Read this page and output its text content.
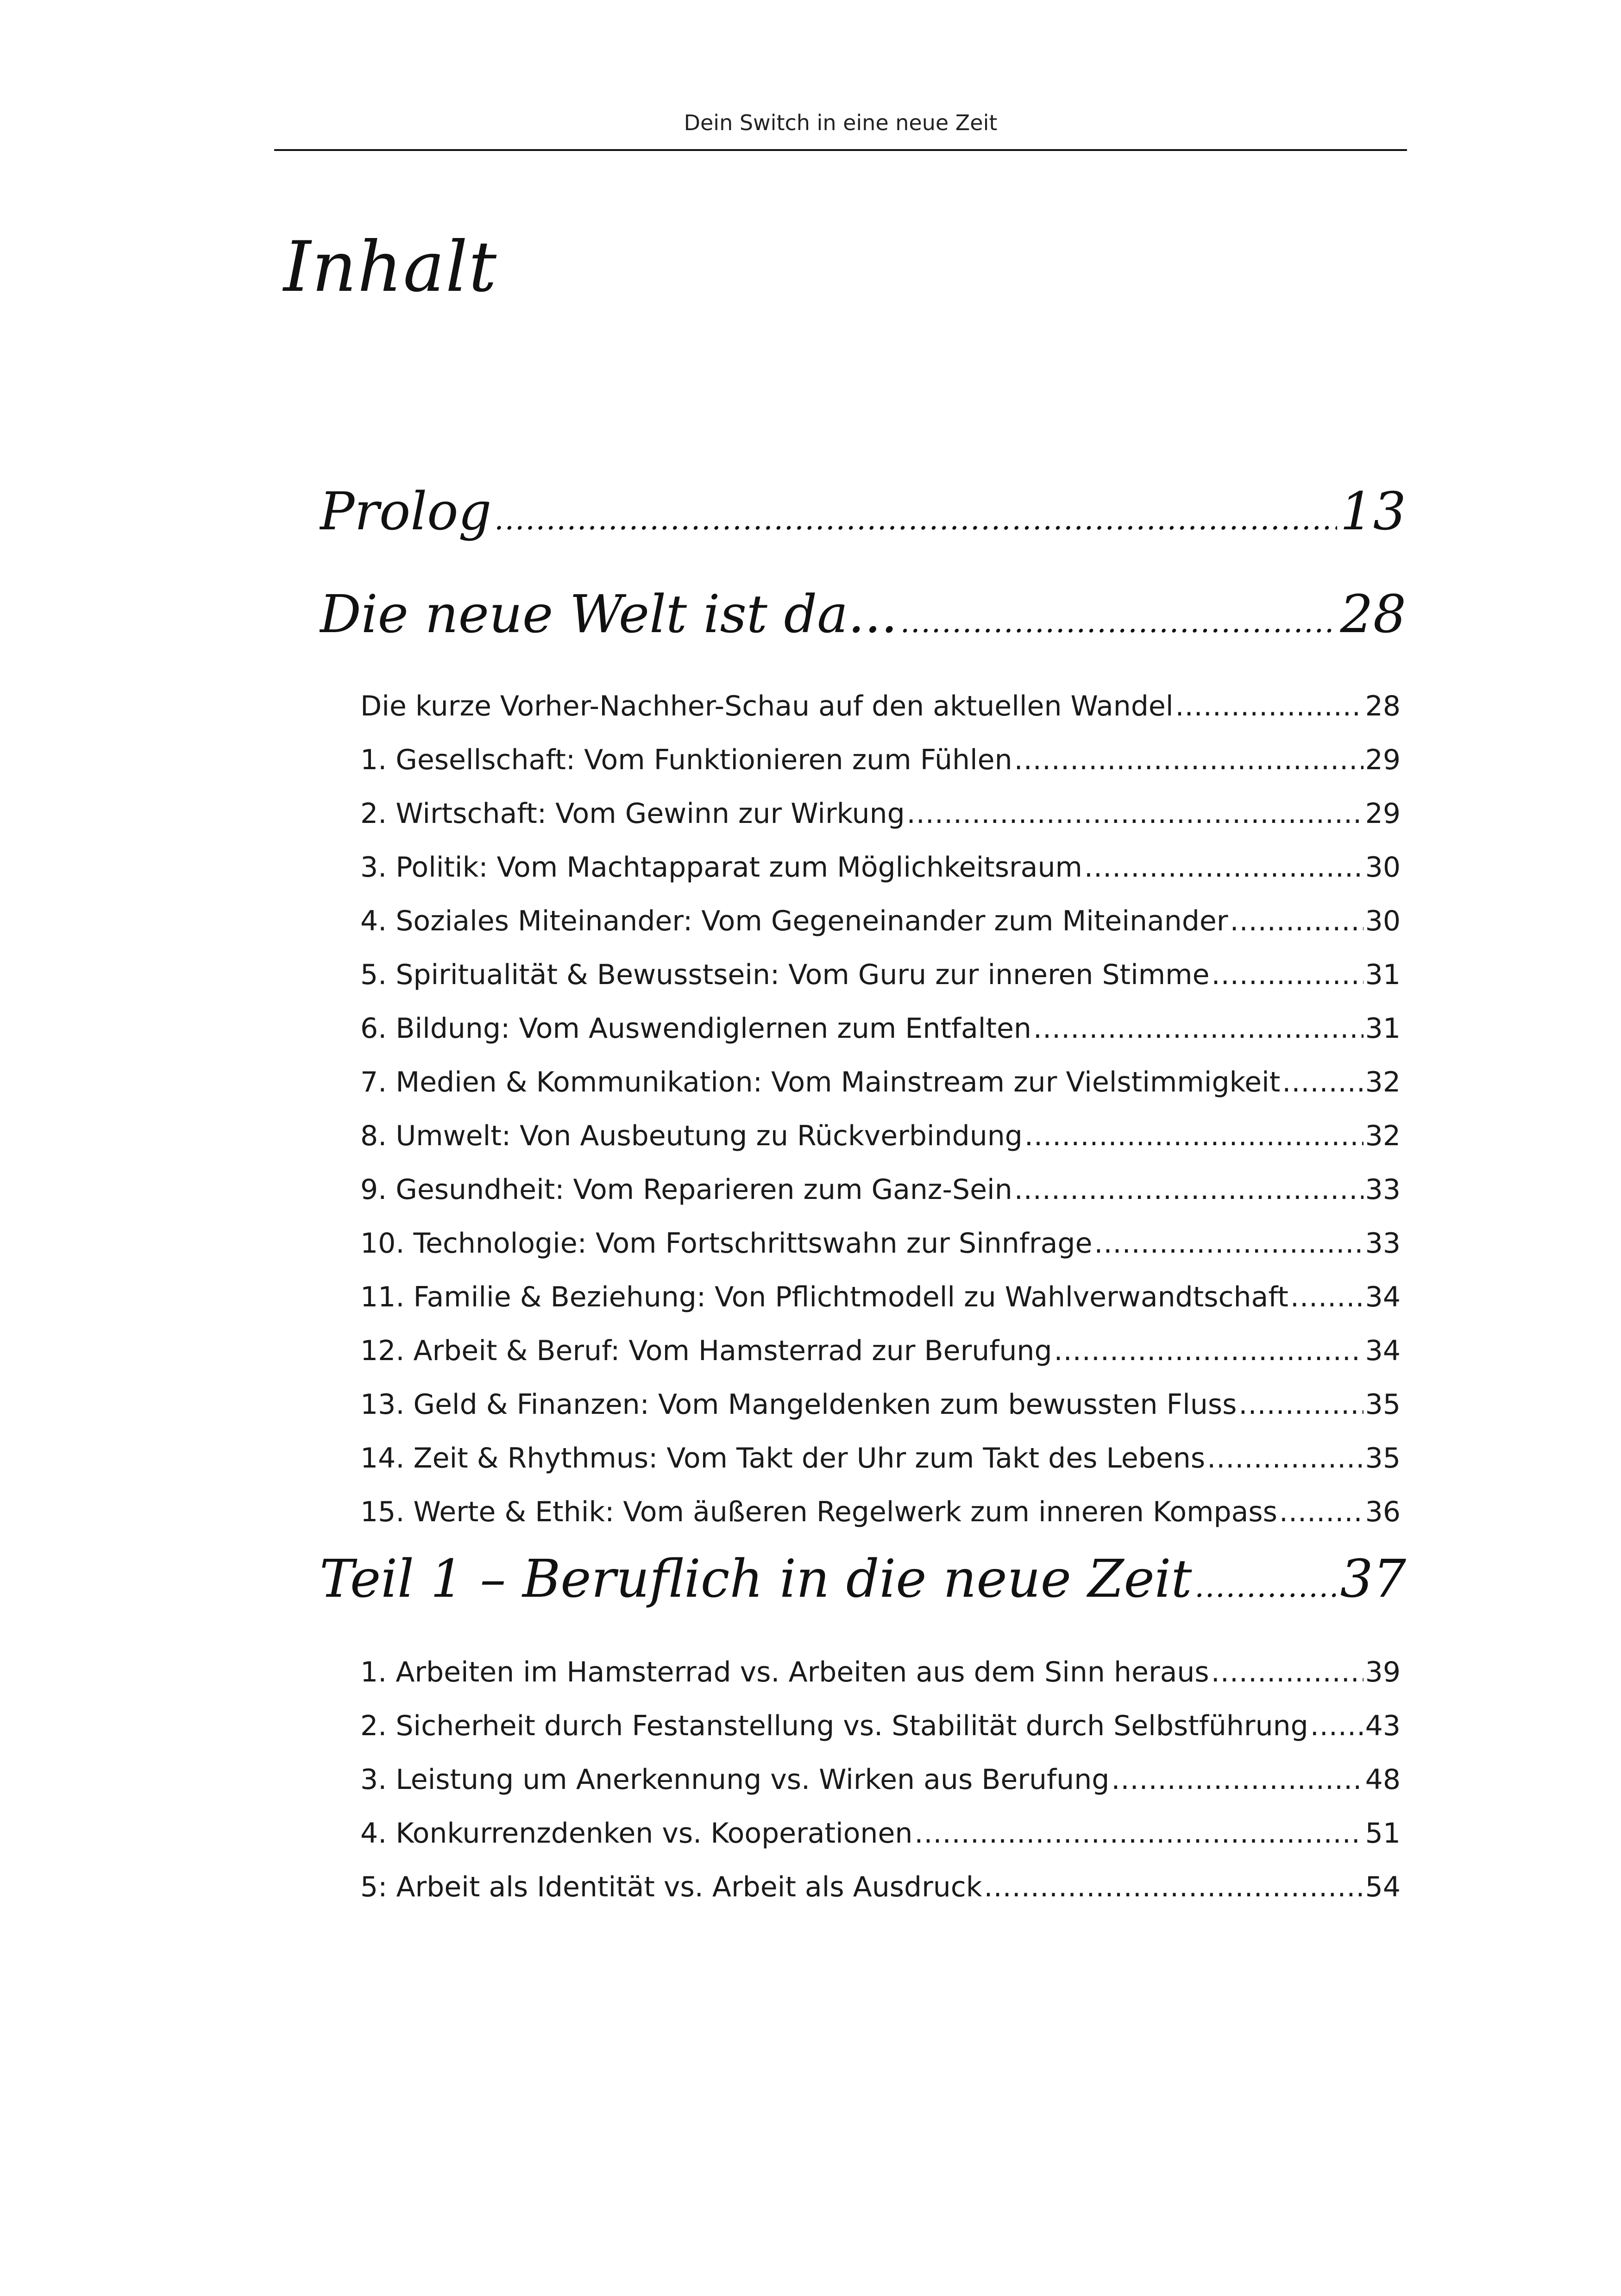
Dein Switch in eine neue Zeit
Inhalt
Prolog .....	13
Die neue Welt ist da... .....	28
Die kurze Vorher-Nachher-Schau auf den aktuellen Wandel .....	28
1. Gesellschaft: Vom Funktionieren zum Fühlen .....	29
2. Wirtschaft: Vom Gewinn zur Wirkung .....	29
3. Politik: Vom Machtapparat zum Möglichkeitsraum .....	30
4. Soziales Miteinander: Vom Gegeneinander zum Miteinander .....	30
5. Spiritualität & Bewusstsein: Vom Guru zur inneren Stimme .....	31
6. Bildung: Vom Auswendiglernen zum Entfalten .....	31
7. Medien & Kommunikation: Vom Mainstream zur Vielstimmigkeit .....	32
8. Umwelt: Von Ausbeutung zu Rückverbindung .....	32
9. Gesundheit: Vom Reparieren zum Ganz-Sein .....	33
10. Technologie: Vom Fortschrittswahn zur Sinnfrage .....	33
11. Familie & Beziehung: Von Pflichtmodell zu Wahlverwandtschaft .....	34
12. Arbeit & Beruf: Vom Hamsterrad zur Berufung .....	34
13. Geld & Finanzen: Vom Mangeldenken zum bewussten Fluss .....	35
14. Zeit & Rhythmus: Vom Takt der Uhr zum Takt des Lebens .....	35
15. Werte & Ethik: Vom äußeren Regelwerk zum inneren Kompass .....	36
Teil 1 – Beruflich in die neue Zeit .....	37
1. Arbeiten im Hamsterrad vs. Arbeiten aus dem Sinn heraus .....	39
2. Sicherheit durch Festanstellung vs. Stabilität durch Selbstführung ..... 43
3. Leistung um Anerkennung vs. Wirken aus Berufung .....	48
4. Konkurrenzdenken vs. Kooperationen .....	51
5: Arbeit als Identität vs. Arbeit als Ausdruck .....	54
